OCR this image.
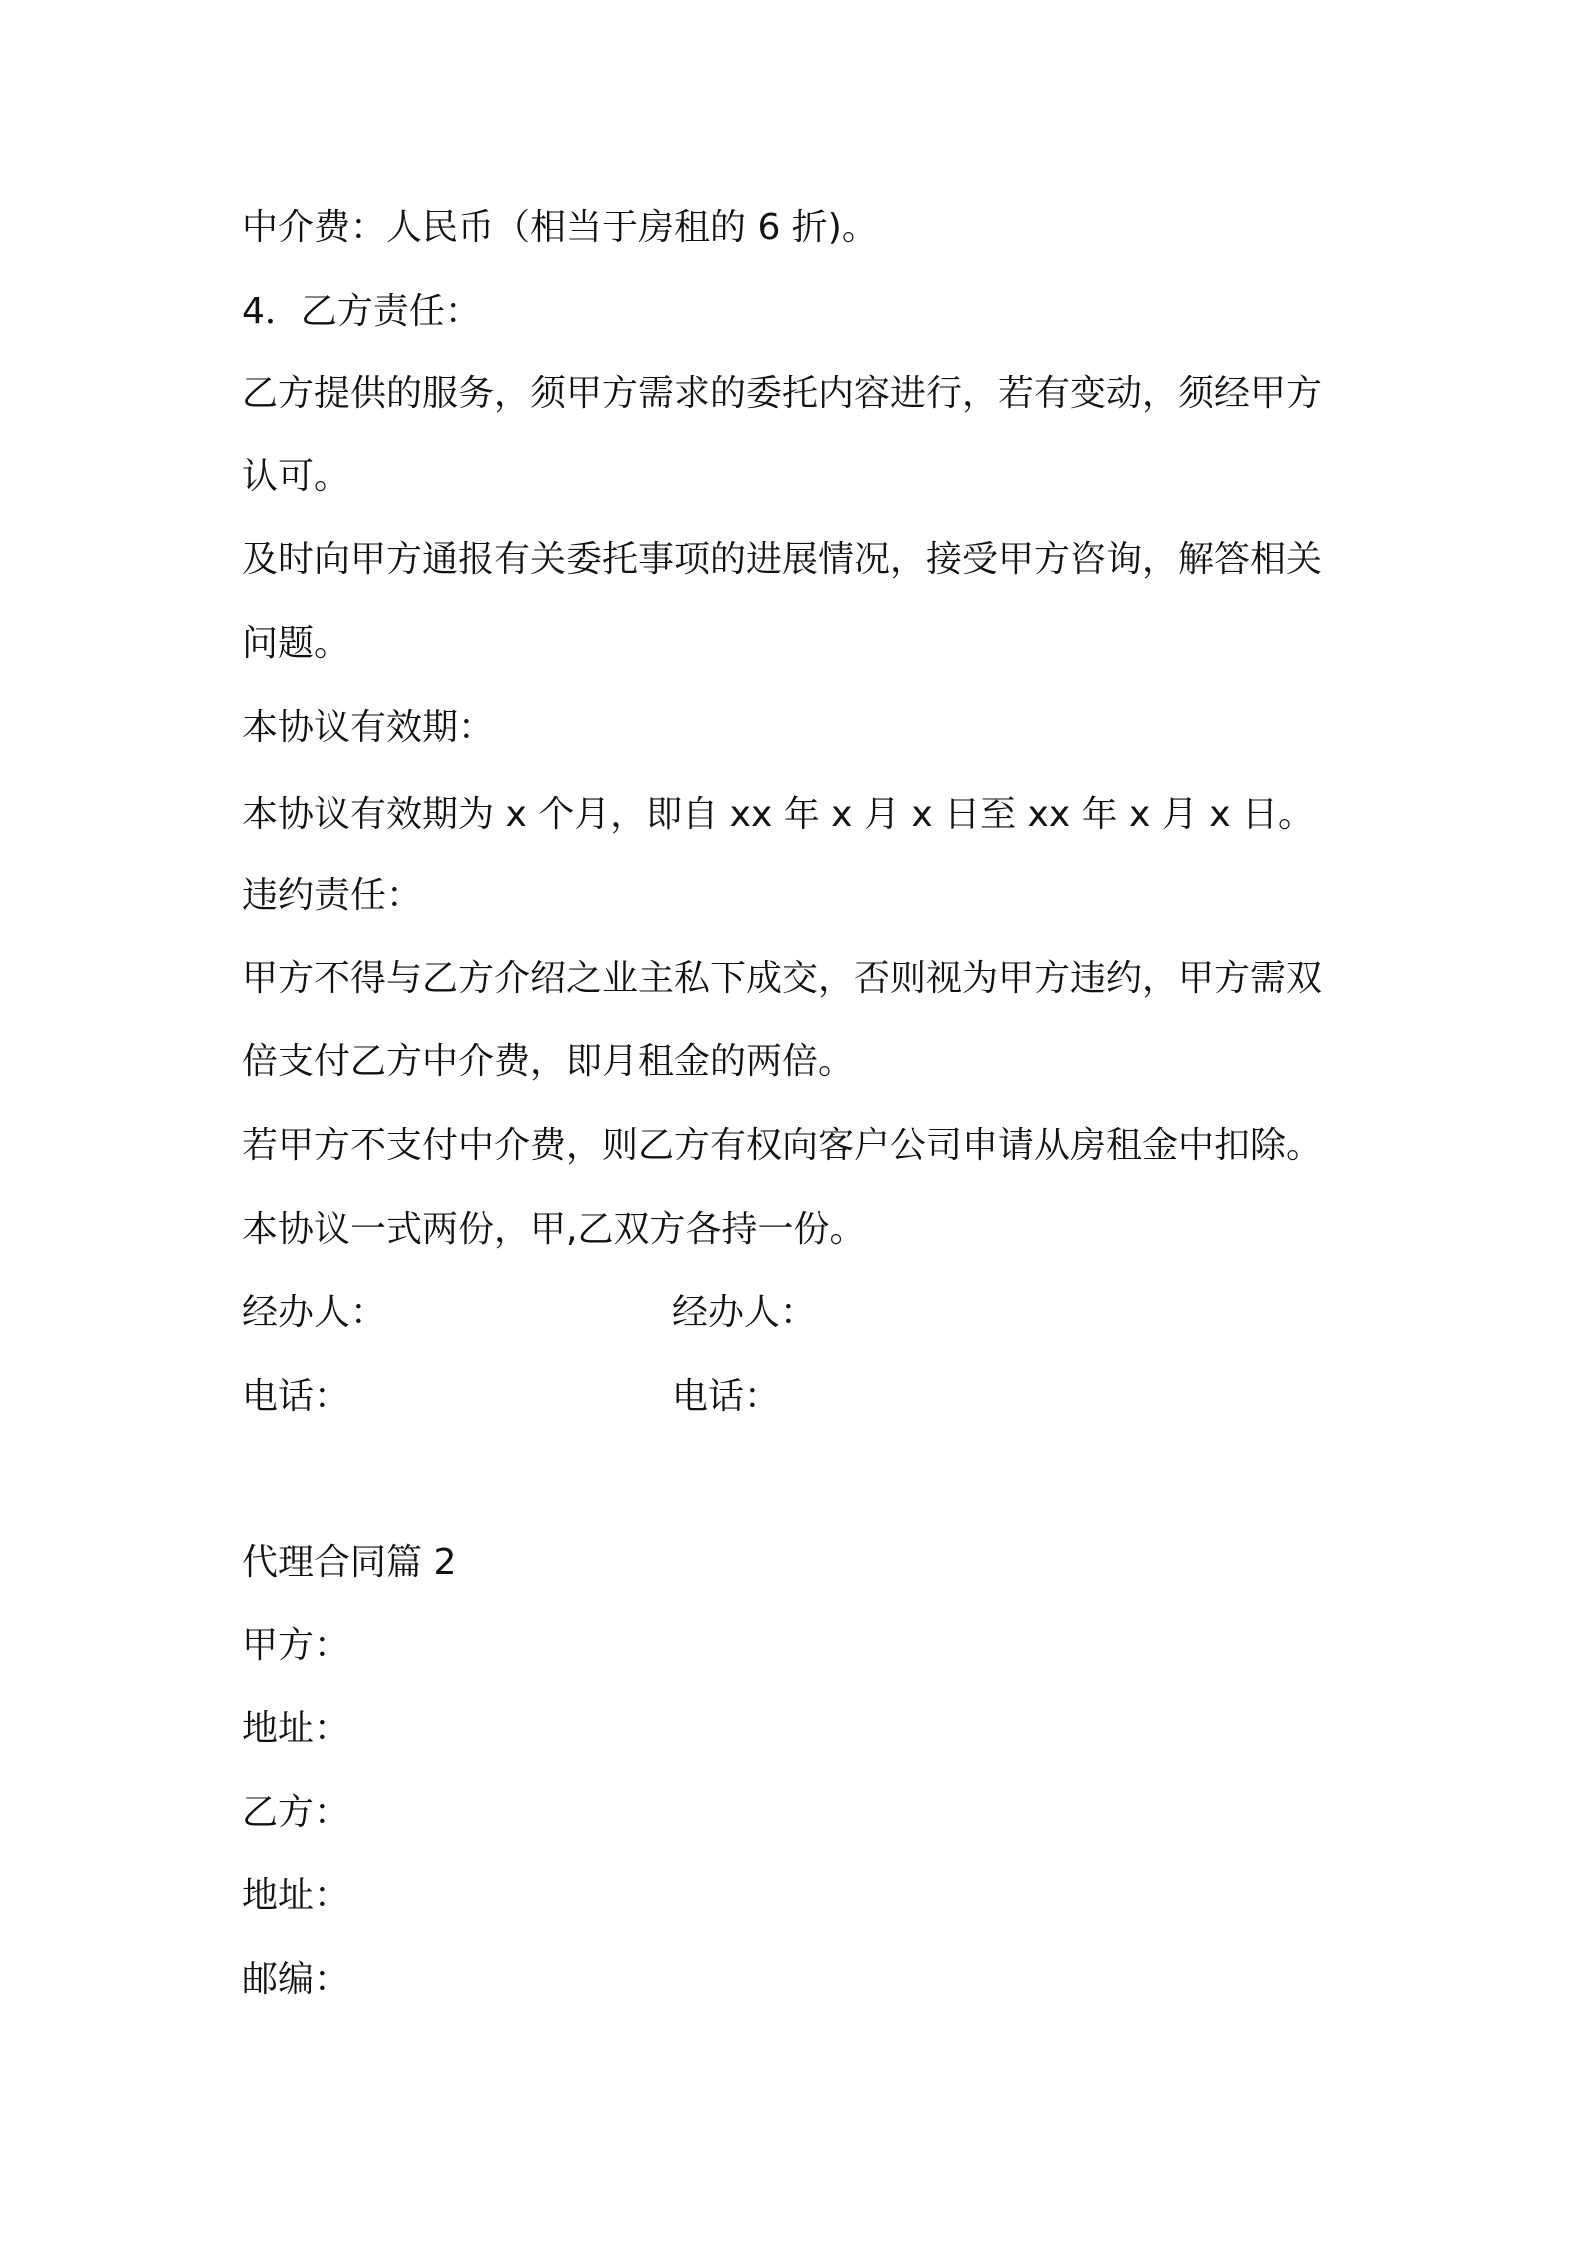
中介费：人民币（相当于房租的 6 折)。

4．乙方责任：

乙方提供的服务，须甲方需求的委托内容进行，若有变动，须经甲方

认可。

及时向甲方通报有关委托事项的进展情况，接受甲方咨询，解答相关

问题。

本协议有效期：

本协议有效期为 x 个月，即自 xx 年 x 月 x 日至 xx 年 x 月 x 日。

违约责任：

甲方不得与乙方介绍之业主私下成交，否则视为甲方违约，甲方需双

倍支付乙方中介费，即月租金的两倍。

若甲方不支付中介费，则乙方有权向客户公司申请从房租金中扣除。

本协议一式两份，甲,乙双方各持一份。

经办人：	经办人：

电话：	电话：

代理合同篇 2

甲方：

地址：

乙方：

地址：

邮编：
